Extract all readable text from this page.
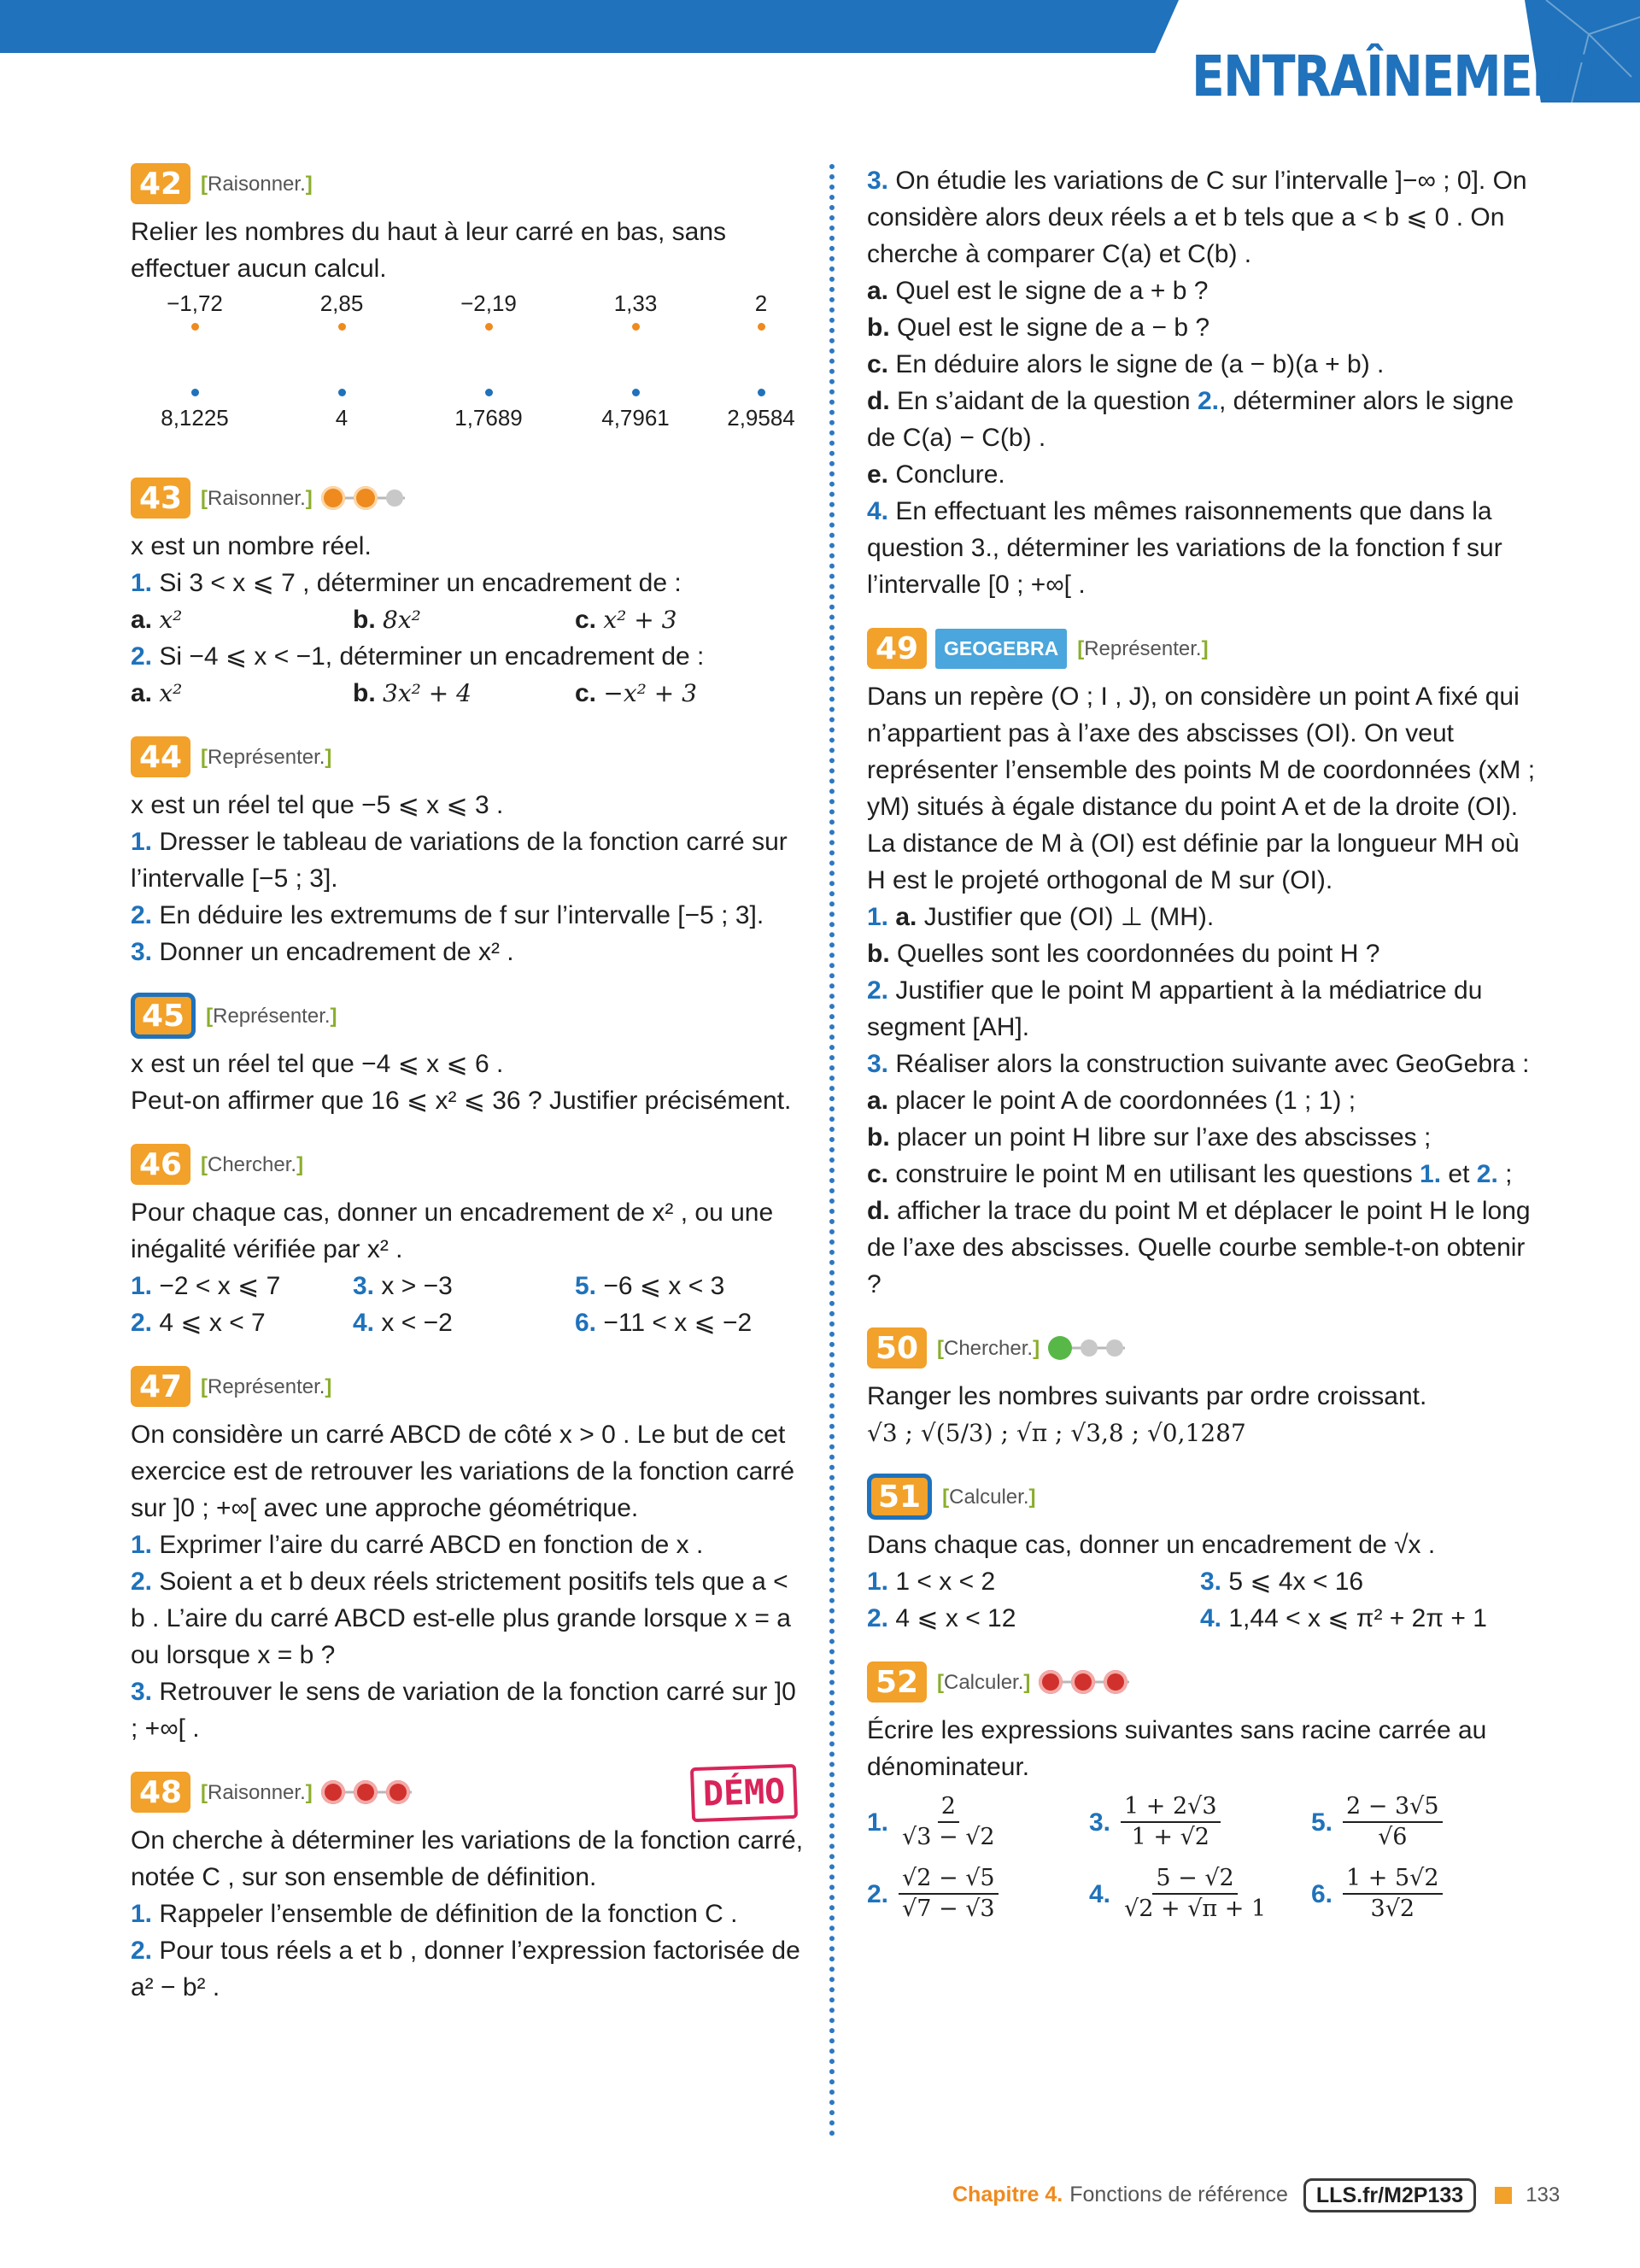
ENTRAÎNEMENT
42 [Raisonner.]
Relier les nombres du haut à leur carré en bas, sans effectuer aucun calcul.
−1,72	2,85	−2,19	1,33	2
8,1225	4	1,7689	4,7961	2,9584
43 [Raisonner.]
x est un nombre réel.
1. Si 3 < x ⩽ 7 , déterminer un encadrement de :
a. x²	b. 8x²	c. x² + 3
2. Si −4 ⩽ x < −1, déterminer un encadrement de :
a. x²	b. 3x² + 4	c. −x² + 3
44 [Représenter.]
x est un réel tel que −5 ⩽ x ⩽ 3 .
1. Dresser le tableau de variations de la fonction carré sur l’intervalle [−5 ; 3].
2. En déduire les extremums de f sur l’intervalle [−5 ; 3].
3. Donner un encadrement de x² .
45	[Représenter.]
x est un réel tel que −4 ⩽ x ⩽ 6 .
Peut-on affirmer que 16 ⩽ x² ⩽ 36 ? Justifier précisément.
46 [Chercher.]
Pour chaque cas, donner un encadrement de x² , ou une inégalité vérifiée par x² .
1. −2 < x ⩽ 7	3. x > −3	5. −6 ⩽ x < 3
2. 4 ⩽ x < 7	4. x < −2	6. −11 < x ⩽ −2
47 [Représenter.]
On considère un carré ABCD de côté x > 0 . Le but de cet exercice est de retrouver les variations de la fonction carré sur ]0 ; +∞[ avec une approche géométrique.
1. Exprimer l’aire du carré ABCD en fonction de x .
2. Soient a et b deux réels strictement positifs tels que a < b . L’aire du carré ABCD est-elle plus grande lorsque x = a ou lorsque x = b ?
3. Retrouver le sens de variation de la fonction carré sur ]0 ; +∞[ .
48 [Raisonner.]	DÉMO
On cherche à déterminer les variations de la fonction carré, notée C , sur son ensemble de définition.
1. Rappeler l’ensemble de définition de la fonction C .
2. Pour tous réels a et b , donner l’expression factorisée de a² − b² .
3. On étudie les variations de C sur l’intervalle ]−∞ ; 0]. On considère alors deux réels a et b tels que a < b ⩽ 0 . On cherche à comparer C(a) et C(b) .
a. Quel est le signe de a + b ?
b. Quel est le signe de a − b ?
c. En déduire alors le signe de (a − b)(a + b) .
d. En s’aidant de la question 2., déterminer alors le signe de C(a) − C(b) .
e. Conclure.
4. En effectuant les mêmes raisonnements que dans la question 3., déterminer les variations de la fonction f sur l’intervalle [0 ; +∞[ .
49	GEOGEBRA [Représenter.]
Dans un repère (O ; I , J), on considère un point A fixé qui n’appartient pas à l’axe des abscisses (OI). On veut représenter l’ensemble des points M de coordonnées (xM ; yM) situés à égale distance du point A et de la droite (OI). La distance de M à (OI) est définie par la longueur MH où H est le projeté orthogonal de M sur (OI).
1. a. Justifier que (OI) ⊥ (MH).
b. Quelles sont les coordonnées du point H ?
2. Justifier que le point M appartient à la médiatrice du segment [AH].
3. Réaliser alors la construction suivante avec GeoGebra :
a. placer le point A de coordonnées (1 ; 1) ;
b. placer un point H libre sur l’axe des abscisses ;
c. construire le point M en utilisant les questions 1. et 2. ;
d. afficher la trace du point M et déplacer le point H le long de l’axe des abscisses. Quelle courbe semble-t-on obtenir ?
50 [Chercher.]
Ranger les nombres suivants par ordre croissant.
√3 ; √(5/3) ; √π ; √3,8 ; √0,1287
51	[Calculer.]
Dans chaque cas, donner un encadrement de √x .
1. 1 < x < 2	3. 5 ⩽ 4x < 16
2. 4 ⩽ x < 12	4. 1,44 < x ⩽ π² + 2π + 1
52 [Calculer.]
Écrire les expressions suivantes sans racine carrée au dénominateur.
1. $\frac{2}{√3 - √2}$	3. $\frac{1 + 2√3}{1 + √2}$	5. $\frac{2 - 3√5}{√6}$
2. $\frac{√2 - √5}{√7 - √3}$	4. $\frac{5 - √2}{√2 + √\pi + 1} 6$. $\frac{1 + 5√2}{3√2}$
Chapitre 4. Fonctions de référence	LLS.fr/M2P133	133
